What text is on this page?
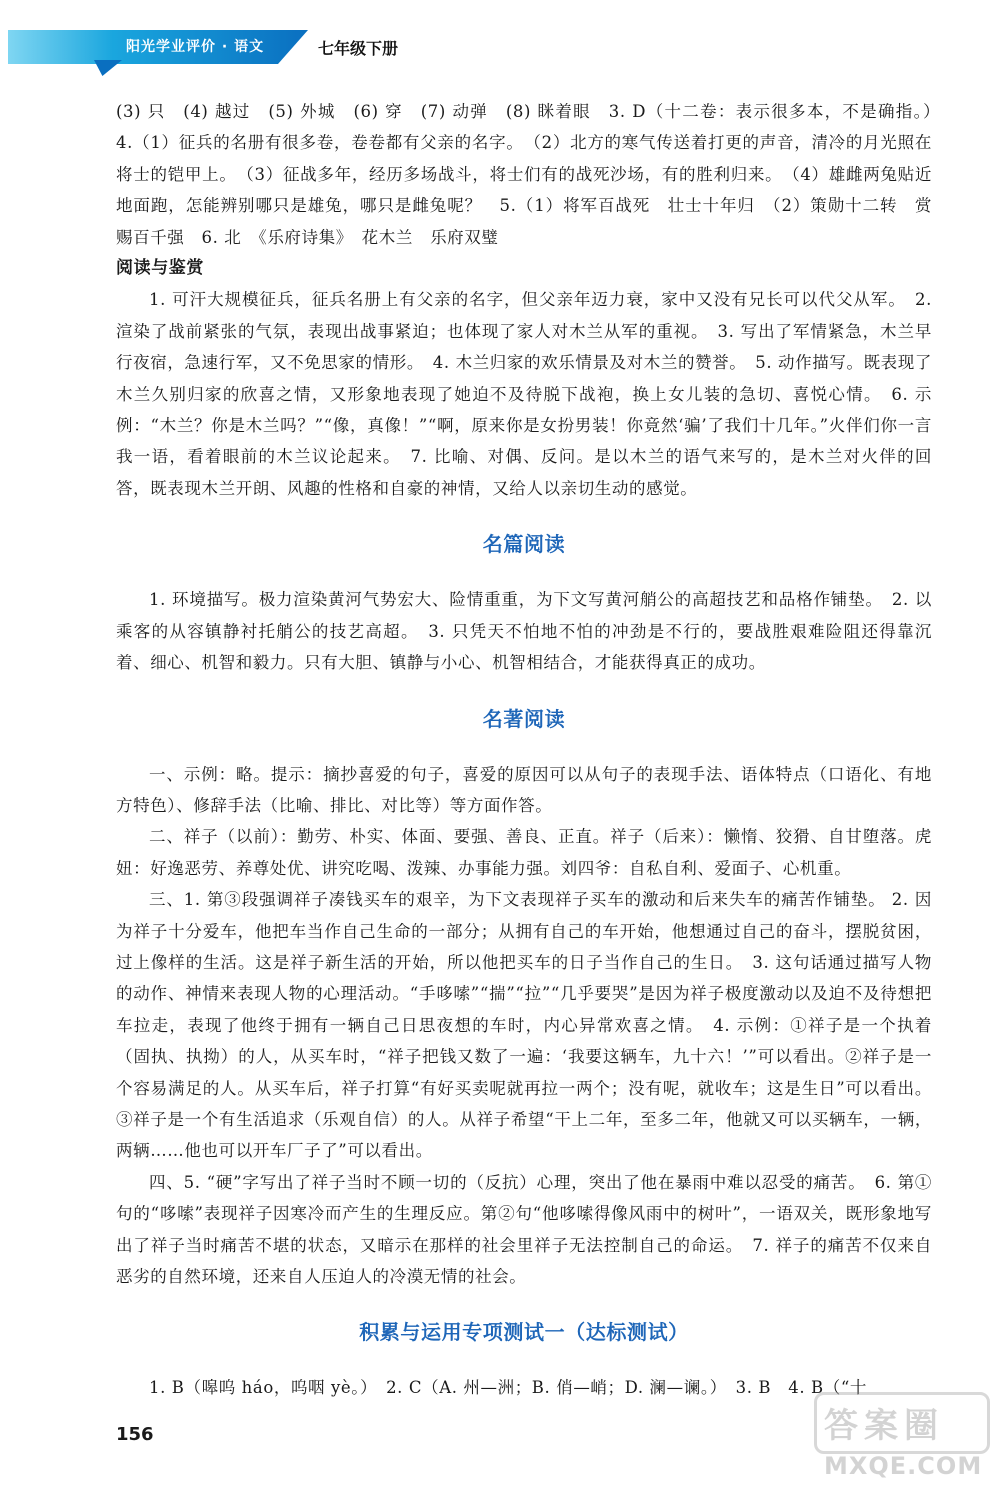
阳光学业评价 · 语文	七年级下册

(3) 只　(4) 越过　(5) 外城　(6) 穿　(7) 动弹　(8) 眯着眼　3. D（十二卷：表示很多本，不是确指。）　4.（1）征兵的名册有很多卷，卷卷都有父亲的名字。　（2）北方的寒气传送着打更的声音，清冷的月光照在将士的铠甲上。　（3）征战多年，经历多场战斗，将士们有的战死沙场，有的胜利归来。　（4）雄雌两兔贴近地面跑，怎能辨别哪只是雄兔，哪只是雌兔呢？　5.（1）将军百战死　壮士十年归　（2）策勋十二转　赏赐百千强　6. 北　《乐府诗集》　花木兰　乐府双璧

阅读与鉴赏

1. 可汗大规模征兵，征兵名册上有父亲的名字，但父亲年迈力衰，家中又没有兄长可以代父从军。　2. 渲染了战前紧张的气氛，表现出战事紧迫；也体现了家人对木兰从军的重视。　3. 写出了军情紧急，木兰早行夜宿，急速行军，又不免思家的情形。　4. 木兰归家的欢乐情景及对木兰的赞誉。　5. 动作描写。既表现了木兰久别归家的欣喜之情，又形象地表现了她迫不及待脱下战袍，换上女儿装的急切、喜悦心情。　6. 示例：“木兰？你是木兰吗？”“像，真像！”“啊，原来你是女扮男装！你竟然‘骗’了我们十几年。”火伴们你一言我一语，看着眼前的木兰议论起来。　7. 比喻、对偶、反问。是以木兰的语气来写的，是木兰对火伴的回答，既表现木兰开朗、风趣的性格和自豪的神情，又给人以亲切生动的感觉。

名篇阅读

1. 环境描写。极力渲染黄河气势宏大、险情重重，为下文写黄河艄公的高超技艺和品格作铺垫。　2. 以乘客的从容镇静衬托艄公的技艺高超。　3. 只凭天不怕地不怕的冲劲是不行的，要战胜艰难险阻还得靠沉着、细心、机智和毅力。只有大胆、镇静与小心、机智相结合，才能获得真正的成功。

名著阅读

一、示例：略。提示：摘抄喜爱的句子，喜爱的原因可以从句子的表现手法、语体特点（口语化、有地方特色）、修辞手法（比喻、排比、对比等）等方面作答。

二、祥子（以前）：勤劳、朴实、体面、要强、善良、正直。祥子（后来）：懒惰、狡猾、自甘堕落。虎妞：好逸恶劳、养尊处优、讲究吃喝、泼辣、办事能力强。刘四爷：自私自利、爱面子、心机重。

三、1. 第③段强调祥子凑钱买车的艰辛，为下文表现祥子买车的激动和后来失车的痛苦作铺垫。 2. 因为祥子十分爱车，他把车当作自己生命的一部分；从拥有自己的车开始，他想通过自己的奋斗，摆脱贫困，过上像样的生活。这是祥子新生活的开始，所以他把买车的日子当作自己的生日。　3. 这句话通过描写人物的动作、神情来表现人物的心理活动。“手哆嗦”“揣”“拉”“几乎要哭”是因为祥子极度激动以及迫不及待想把车拉走，表现了他终于拥有一辆自己日思夜想的车时，内心异常欢喜之情。　4. 示例：①祥子是一个执着（固执、执拗）的人，从买车时，“祥子把钱又数了一遍：‘我要这辆车，九十六！’”可以看出。②祥子是一个容易满足的人。从买车后，祥子打算“有好买卖呢就再拉一两个；没有呢，就收车；这是生日”可以看出。③祥子是一个有生活追求（乐观自信）的人。从祥子希望“干上二年，至多二年，他就又可以买辆车，一辆，两辆……他也可以开车厂子了”可以看出。

四、5. “硬”字写出了祥子当时不顾一切的（反抗）心理，突出了他在暴雨中难以忍受的痛苦。　6. 第①句的“哆嗦”表现祥子因寒冷而产生的生理反应。第②句“他哆嗦得像风雨中的树叶”，一语双关，既形象地写出了祥子当时痛苦不堪的状态，又暗示在那样的社会里祥子无法控制自己的命运。　7. 祥子的痛苦不仅来自恶劣的自然环境，还来自人压迫人的冷漠无情的社会。

积累与运用专项测试一（达标测试）

1. B（嗥呜 háo，呜咽 yè。）　2. C（A. 州—洲；B. 俏—峭；D. 澜—谰。）　3. B　4. B（“十

156	答案圈
MXQE.COM
